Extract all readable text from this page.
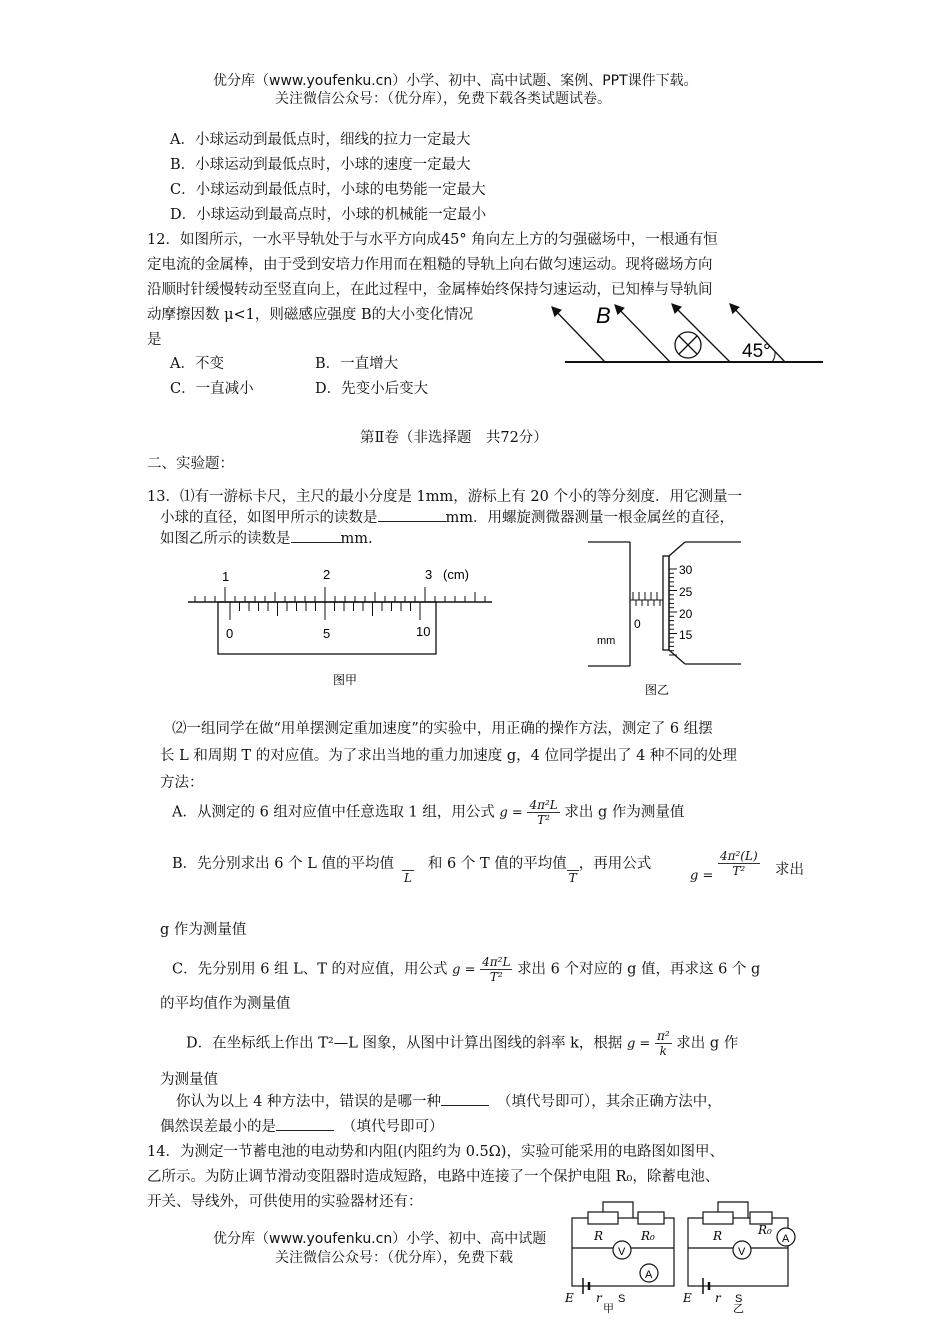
优分库（www.youfenku.cn）小学、初中、高中试题、案例、PPT课件下载。
关注微信公众号：（优分库），免费下载各类试题试卷。
A．小球运动到最低点时，细线的拉力一定最大
B．小球运动到最低点时，小球的速度一定最大
C．小球运动到最低点时，小球的电势能一定最大
D．小球运动到最高点时，小球的机械能一定最小
12．如图所示，一水平导轨处于与水平方向成45° 角向左上方的匀强磁场中，一根通有恒
定电流的金属棒，由于受到安培力作用而在粗糙的导轨上向右做匀速运动。现将磁场方向
沿顺时针缓慢转动至竖直向上，在此过程中，金属棒始终保持匀速运动，已知棒与导轨间
动摩擦因数 μ<1，则磁感应强度 B的大小变化情况
是
A．不变	B．一直增大
C．一直减小	D．先变小后变大
B
45°
第Ⅱ卷（非选择题　共72分）
二、实验题：
13．⑴有一游标卡尺，主尺的最小分度是 1mm，游标上有 20 个小的等分刻度．用它测量一
小球的直径，如图甲所示的读数是	mm．用螺旋测微器测量一根金属丝的直径，
如图乙所示的读数是	mm.
1	2	3 (cm)
0	5	10
图甲
30
25
20
15
0
mm
图乙
⑵一组同学在做“用单摆测定重加速度”的实验中，用正确的操作方法，测定了 6 组摆
长 L 和周期 T 的对应值。为了求出当地的重力加速度 g，4 位同学提出了 4 种不同的处理
方法：
A．从测定的 6 组对应值中任意选取 1 组，用公式 $g = \frac{\text{4π²L}}{\text{T²}}$ 求出 g 作为测量值
B．先分别求出 6 个 L 值的平均值
L
和 6 个 T 值的平均值
T
，再用公式
$g = \frac{\text{4π²(L)}}{\text{T²}}$ 求出
g 作为测量值
C．先分别用 6 组 L、T 的对应值，用公式 $g = \frac{\text{4π²L}}{\text{T²}}$ 求出 6 个对应的 g 值，再求这 6 个 g
的平均值作为测量值
D．在坐标纸上作出 T²—L 图象，从图中计算出图线的斜率 k，根据 $g = \frac{\text{π²}}{k}$ 求出 g 作
为测量值
你认为以上 4 种方法中，错误的是哪一种	（填代号即可），其余正确方法中，
偶然误差最小的是	（填代号即可）
14．为测定一节蓄电池的电动势和内阻(内阻约为 0.5Ω)，实验可能采用的电路图如图甲、
乙所示。为防止调节滑动变阻器时造成短路，电路中连接了一个保护电阻 R₀，除蓄电池、
开关、导线外，可供使用的实验器材还有：
优分库（www.youfenku.cn）小学、初中、高中试题
关注微信公众号：（优分库），免费下载
R	R₀
V
A
E r S
甲
R	R₀
A
V
E r S
乙
